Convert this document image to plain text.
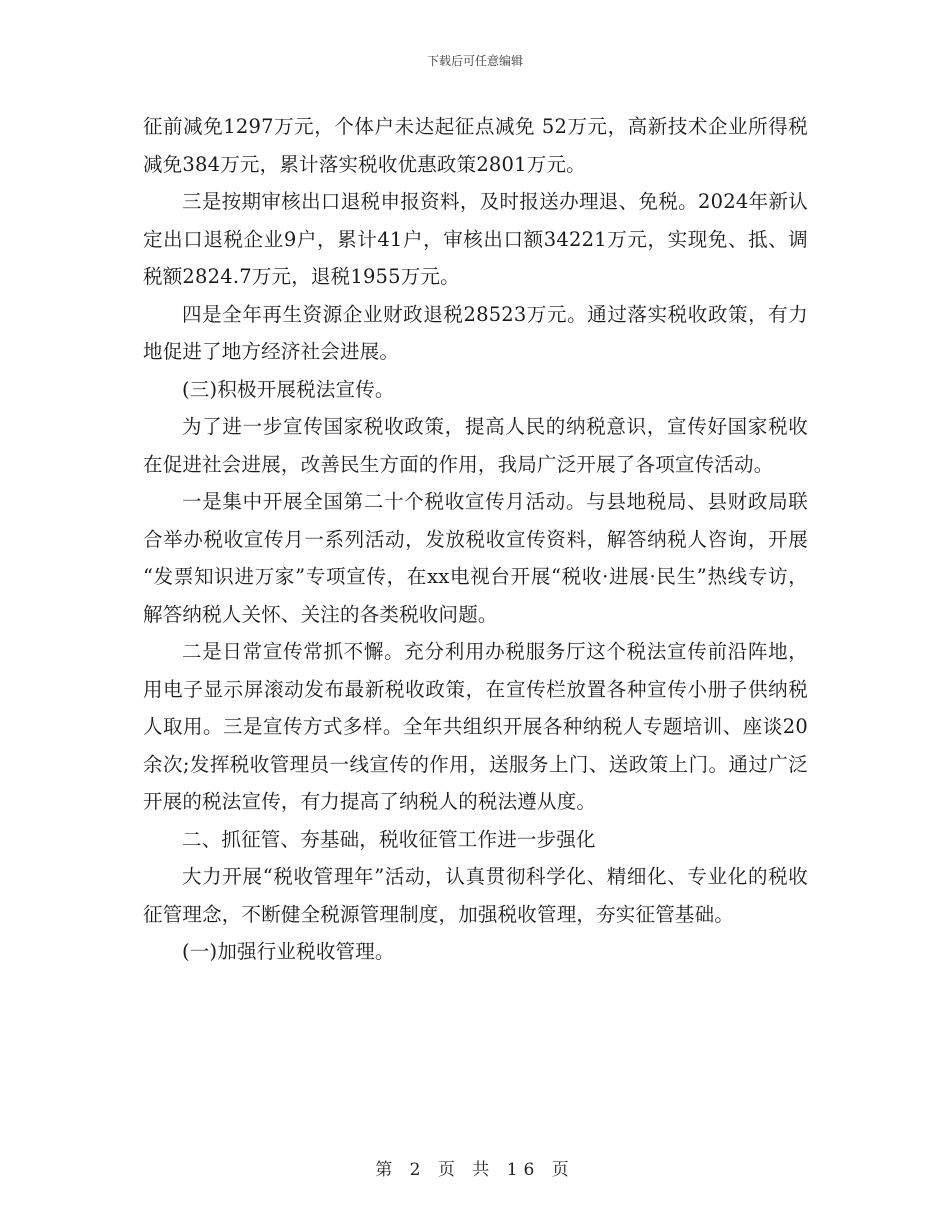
下载后可任意编辑

征前减免1297万元，个体户未达起征点减免 52万元，高新技术企业所得税减免384万元，累计落实税收优惠政策2801万元。

三是按期审核出口退税申报资料，及时报送办理退、免税。2024年新认定出口退税企业9户，累计41户，审核出口额34221万元，实现免、抵、调税额2824.7万元，退税1955万元。

四是全年再生资源企业财政退税28523万元。通过落实税收政策，有力地促进了地方经济社会进展。

(三)积极开展税法宣传。

为了进一步宣传国家税收政策，提高人民的纳税意识，宣传好国家税收在促进社会进展，改善民生方面的作用，我局广泛开展了各项宣传活动。

一是集中开展全国第二十个税收宣传月活动。与县地税局、县财政局联合举办税收宣传月一系列活动，发放税收宣传资料，解答纳税人咨询，开展 “发票知识进万家”专项宣传，在xx电视台开展“税收·进展·民生”热线专访，解答纳税人关怀、关注的各类税收问题。

二是日常宣传常抓不懈。充分利用办税服务厅这个税法宣传前沿阵地，用电子显示屏滚动发布最新税收政策，在宣传栏放置各种宣传小册子供纳税人取用。三是宣传方式多样。全年共组织开展各种纳税人专题培训、座谈20余次;发挥税收管理员一线宣传的作用，送服务上门、送政策上门。通过广泛开展的税法宣传，有力提高了纳税人的税法遵从度。

二、抓征管、夯基础，税收征管工作进一步强化

大力开展“税收管理年”活动，认真贯彻科学化、精细化、专业化的税收征管理念，不断健全税源管理制度，加强税收管理，夯实征管基础。

(一)加强行业税收管理。

第 2 页 共 16 页
